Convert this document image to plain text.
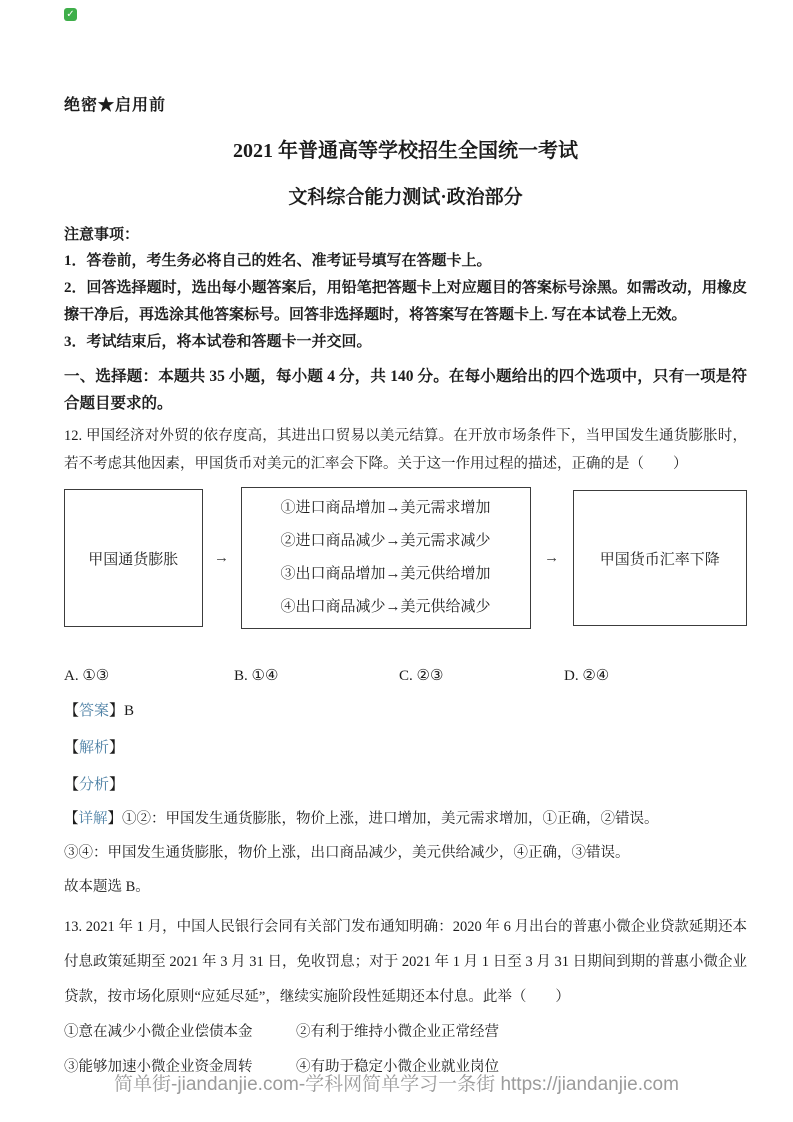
✓
绝密★启用前
2021 年普通高等学校招生全国统一考试
文科综合能力测试·政治部分
注意事项：
1．答卷前，考生务必将自己的姓名、准考证号填写在答题卡上。
2．回答选择题时，选出每小题答案后，用铅笔把答题卡上对应题目的答案标号涂黑。如需改动，用橡皮擦干净后，再选涂其他答案标号。回答非选择题时，将答案写在答题卡上. 写在本试卷上无效。
3．考试结束后，将本试卷和答题卡一并交回。
一、选择题：本题共 35 小题，每小题 4 分，共 140 分。在每小题给出的四个选项中，只有一项是符合题目要求的。
12. 甲国经济对外贸的依存度高，其进出口贸易以美元结算。在开放市场条件下，当甲国发生通货膨胀时，若不考虑其他因素，甲国货币对美元的汇率会下降。关于这一作用过程的描述，正确的是（　　）
甲国通货膨胀	→
①进口商品增加→美元需求增加
②进口商品减少→美元需求减少
③出口商品增加→美元供给增加
④出口商品减少→美元供给减少
→	甲国货币汇率下降
A. ①③	B. ①④	C. ②③	D. ②④
【答案】B
【解析】
【分析】
【详解】①②：甲国发生通货膨胀，物价上涨，进口增加，美元需求增加，①正确，②错误。
③④：甲国发生通货膨胀，物价上涨，出口商品减少，美元供给减少，④正确，③错误。
故本题选 B。
13. 2021 年 1 月，中国人民银行会同有关部门发布通知明确：2020 年 6 月出台的普惠小微企业贷款延期还本付息政策延期至 2021 年 3 月 31 日，免收罚息；对于 2021 年 1 月 1 日至 3 月 31 日期间到期的普惠小微企业贷款，按市场化原则“应延尽延”，继续实施阶段性延期还本付息。此举（　　）
①意在减少小微企业偿债本金	②有利于维持小微企业正常经营
③能够加速小微企业资金周转	④有助于稳定小微企业就业岗位
简单街-jiandanjie.com-学科网简单学习一条街 https://jiandanjie.com
